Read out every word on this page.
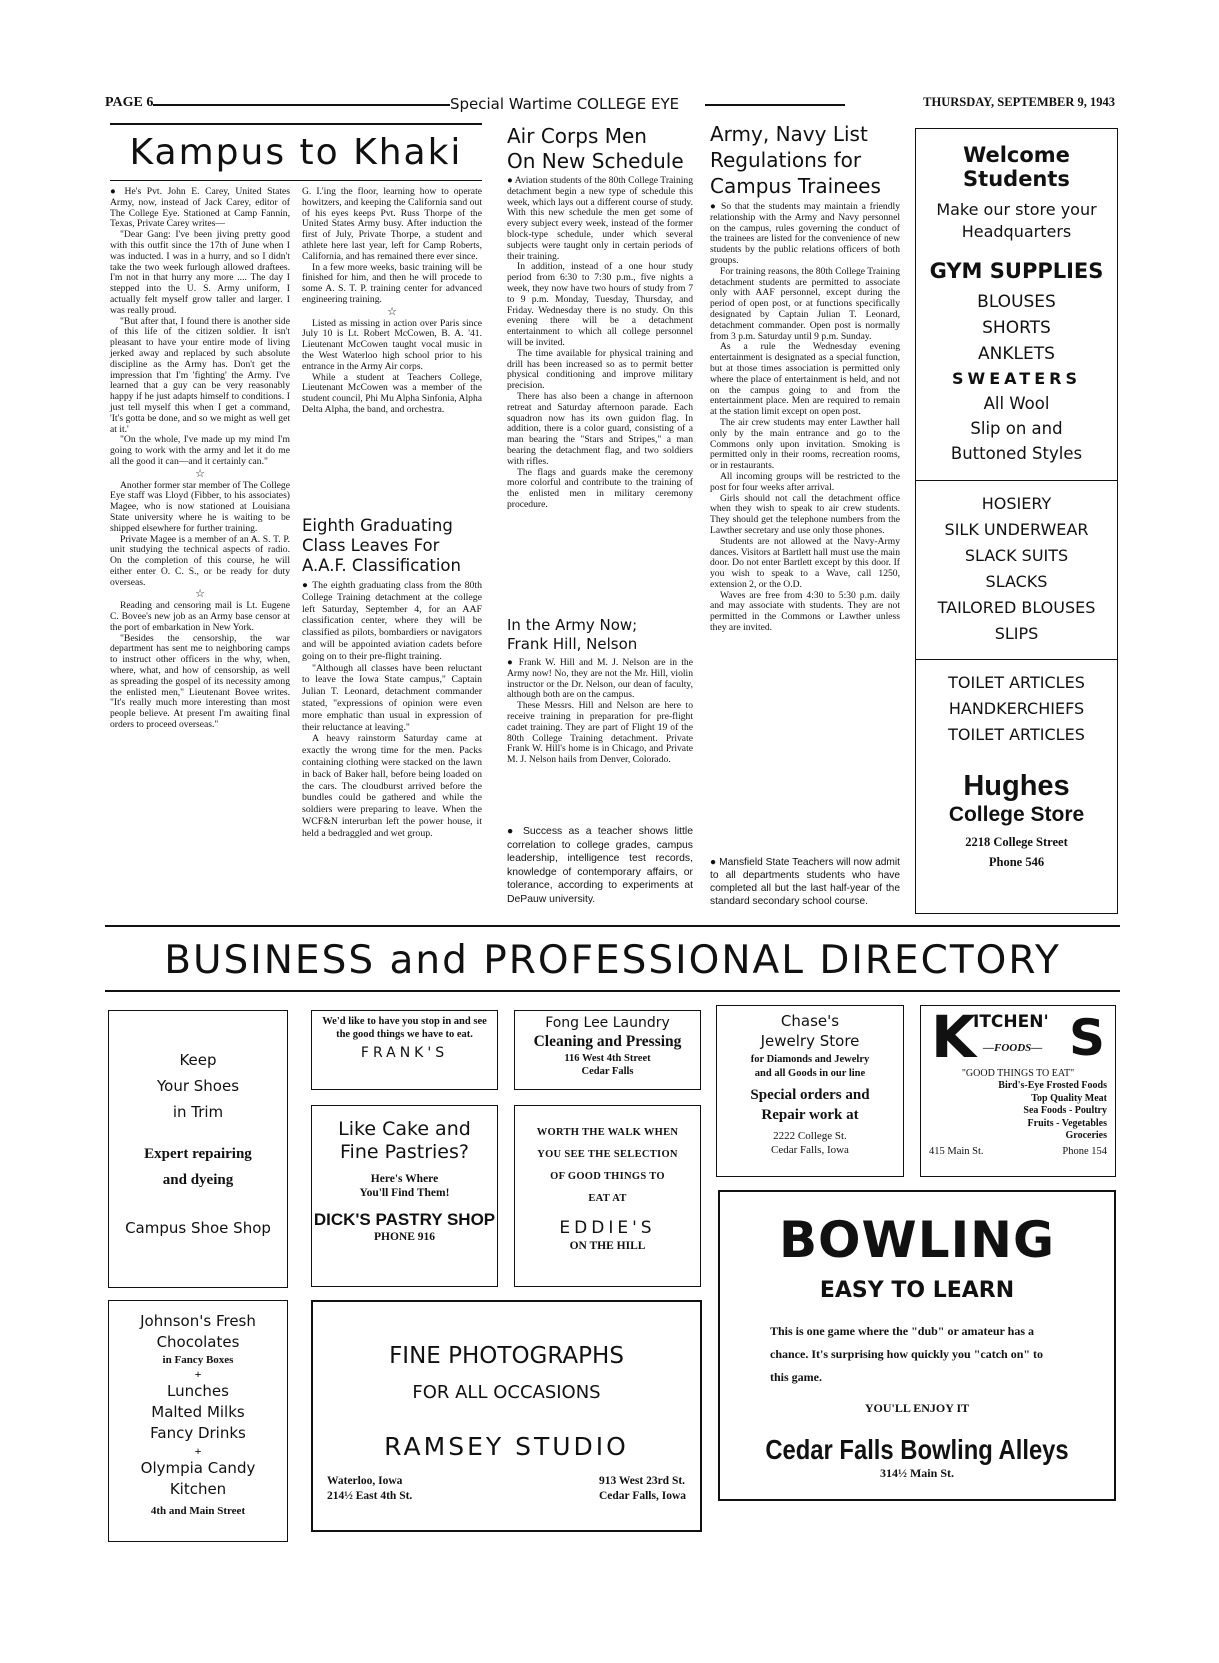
PAGE 6	Special Wartime COLLEGE EYE	THURSDAY, SEPTEMBER 9, 1943
Kampus to Khaki

● He's Pvt. John E. Carey, United States Army, now, instead of Jack Carey, editor of The College Eye. Stationed at Camp Fannin, Texas, Private Carey writes—

"Dear Gang: I've been jiving pretty good with this outfit since the 17th of June when I was inducted. I was in a hurry, and so I didn't take the two week furlough allowed draftees. I'm not in that hurry any more .... The day I stepped into the U. S. Army uniform, I actually felt myself grow taller and larger. I was really proud.

"But after that, I found there is another side of this life of the citizen soldier. It isn't pleasant to have your entire mode of living jerked away and replaced by such absolute discipline as the Army has. Don't get the impression that I'm 'fighting' the Army. I've learned that a guy can be very reasonably happy if he just adapts himself to conditions. I just tell myself this when I get a command, 'It's gotta be done, and so we might as well get at it.'

"On the whole, I've made up my mind I'm going to work with the army and let it do me all the good it can—and it certainly can."

☆

Another former star member of The College Eye staff was Lloyd (Fibber, to his associates) Magee, who is now stationed at Louisiana State university where he is waiting to be shipped elsewhere for further training.

Private Magee is a member of an A. S. T. P. unit studying the technical aspects of radio. On the completion of this course, he will either enter O. C. S., or be ready for duty overseas.

☆

Reading and censoring mail is Lt. Eugene C. Bovee's new job as an Army base censor at the port of embarkation in New York.

"Besides the censorship, the war department has sent me to neighboring camps to instruct other officers in the why, when, where, what, and how of censorship, as well as spreading the gospel of its necessity among the enlisted men," Lieutenant Bovee writes. "It's really much more interesting than most people believe. At present I'm awaiting final orders to proceed overseas."

G. I.'ing the floor, learning how to operate howitzers, and keeping the California sand out of his eyes keeps Pvt. Russ Thorpe of the United States Army busy. After induction the first of July, Private Thorpe, a student and athlete here last year, left for Camp Roberts, California, and has remained there ever since.

In a few more weeks, basic training will be finished for him, and then he will procede to some A. S. T. P. training center for advanced engineering training.

☆

Listed as missing in action over Paris since July 10 is Lt. Robert McCowen, B. A. '41. Lieutenant McCowen taught vocal music in the West Waterloo high school prior to his entrance in the Army Air corps.

While a student at Teachers College, Lieutenant McCowen was a member of the student council, Phi Mu Alpha Sinfonia, Alpha Delta Alpha, the band, and orchestra.

Eighth Graduating
Class Leaves For
A.A.F. Classification

● The eighth graduating class from the 80th College Training detachment at the college left Saturday, September 4, for an AAF classification center, where they will be classified as pilots, bombardiers or navigators and will be appointed aviation cadets before going on to their pre-flight training.

"Although all classes have been reluctant to leave the Iowa State campus," Captain Julian T. Leonard, detachment commander stated, "expressions of opinion were even more emphatic than usual in expression of their reluctance at leaving."

A heavy rainstorm Saturday came at exactly the wrong time for the men. Packs containing clothing were stacked on the lawn in back of Baker hall, before being loaded on the cars. The cloudburst arrived before the bundles could be gathered and while the soldiers were preparing to leave. When the WCF&N interurban left the power house, it held a bedraggled and wet group.

Air Corps Men
On New Schedule

● Aviation students of the 80th College Training detachment begin a new type of schedule this week, which lays out a different course of study. With this new schedule the men get some of every subject every week, instead of the former block-type schedule, under which several subjects were taught only in certain periods of their training.

In addition, instead of a one hour study period from 6:30 to 7:30 p.m., five nights a week, they now have two hours of study from 7 to 9 p.m. Monday, Tuesday, Thursday, and Friday. Wednesday there is no study. On this evening there will be a detachment entertainment to which all college personnel will be invited.

The time available for physical training and drill has been increased so as to permit better physical conditioning and improve military precision.

There has also been a change in afternoon retreat and Saturday afternoon parade. Each squadron now has its own guidon flag. In addition, there is a color guard, consisting of a man bearing the "Stars and Stripes," a man bearing the detachment flag, and two soldiers with rifles.

The flags and guards make the ceremony more colorful and contribute to the training of the enlisted men in military ceremony procedure.

In the Army Now;
Frank Hill, Nelson

● Frank W. Hill and M. J. Nelson are in the Army now! No, they are not the Mr. Hill, violin instructor or the Dr. Nelson, our dean of faculty, although both are on the campus.

These Messrs. Hill and Nelson are here to receive training in preparation for pre-flight cadet training. They are part of Flight 19 of the 80th College Training detachment. Private Frank W. Hill's home is in Chicago, and Private M. J. Nelson hails from Denver, Colorado.

● Success as a teacher shows little correlation to college grades, campus leadership, intelligence test records, knowledge of contemporary affairs, or tolerance, according to experiments at DePauw university.

Army, Navy List
Regulations for
Campus Trainees

● So that the students may maintain a friendly relationship with the Army and Navy personnel on the campus, rules governing the conduct of the trainees are listed for the convenience of new students by the public relations officers of both groups.

For training reasons, the 80th College Training detachment students are permitted to associate only with AAF personnel, except during the period of open post, or at functions specifically designated by Captain Julian T. Leonard, detachment commander. Open post is normally from 3 p.m. Saturday until 9 p.m. Sunday.

As a rule the Wednesday evening entertainment is designated as a special function, but at those times association is permitted only where the place of entertainment is held, and not on the campus going to and from the entertainment place. Men are required to remain at the station limit except on open post.

The air crew students may enter Lawther hall only by the main entrance and go to the Commons only upon invitation. Smoking is permitted only in their rooms, recreation rooms, or in restaurants.

All incoming groups will be restricted to the post for four weeks after arrival.

Girls should not call the detachment office when they wish to speak to air crew students. They should get the telephone numbers from the Lawther secretary and use only those phones.

Students are not allowed at the Navy-Army dances. Visitors at Bartlett hall must use the main door. Do not enter Bartlett except by this door. If you wish to speak to a Wave, call 1250, extension 2, or the O.D.

Waves are free from 4:30 to 5:30 p.m. daily and may associate with students. They are not permitted in the Commons or Lawther unless they are invited.

● Mansfield State Teachers will now admit to all departments students who have completed all but the last half-year of the standard secondary school course.

Welcome
Students
Make our store your Headquarters
GYM SUPPLIES
BLOUSES
SHORTS
ANKLETS
SWEATERS
All Wool
Slip on and
Buttoned Styles
HOSIERY
SILK UNDERWEAR
SLACK SUITS
SLACKS
TAILORED BLOUSES
SLIPS
TOILET ARTICLES
HANDKERCHIEFS
TOILET ARTICLES
Hughes
College Store
2218 College Street
Phone 546
BUSINESS and PROFESSIONAL DIRECTORY
Keep
Your Shoes
in Trim
Expert repairing
and dyeing
Campus Shoe Shop
We'd like to have you stop in and see the good things we have to eat.
FRANK'S
Fong Lee Laundry
Cleaning and Pressing
116 West 4th Street
Cedar Falls
Chase's
Jewelry Store
for Diamonds and Jewelry
and all Goods in our line
Special orders and
Repair work at
2222 College St.
Cedar Falls, Iowa
K
ITCHEN' S
—FOODS—
"GOOD THINGS TO EAT"
Bird's-Eye Frosted Foods
Top Quality Meat
Sea Foods - Poultry
Fruits - Vegetables
Groceries
415 Main St.	Phone 154
Like Cake and
Fine Pastries?
Here's Where
You'll Find Them!
DICK'S PASTRY SHOP
PHONE 916
WORTH THE WALK WHEN
YOU SEE THE SELECTION
OF GOOD THINGS TO
EAT AT
EDDIE'S
ON THE HILL	BOWLING
EASY TO LEARN
This is one game where the "dub" or amateur has a chance. It's surprising how quickly you "catch on" to this game.
YOU'LL ENJOY IT
Cedar Falls Bowling Alleys
314½ Main St.
Johnson's Fresh
Chocolates
in Fancy Boxes
+
Lunches
Malted Milks
Fancy Drinks
+
Olympia Candy
Kitchen
4th and Main Street
FINE PHOTOGRAPHS
FOR ALL OCCASIONS
RAMSEY STUDIO
Waterloo, Iowa
214½ East 4th St.
913 West 23rd St.
Cedar Falls, Iowa
